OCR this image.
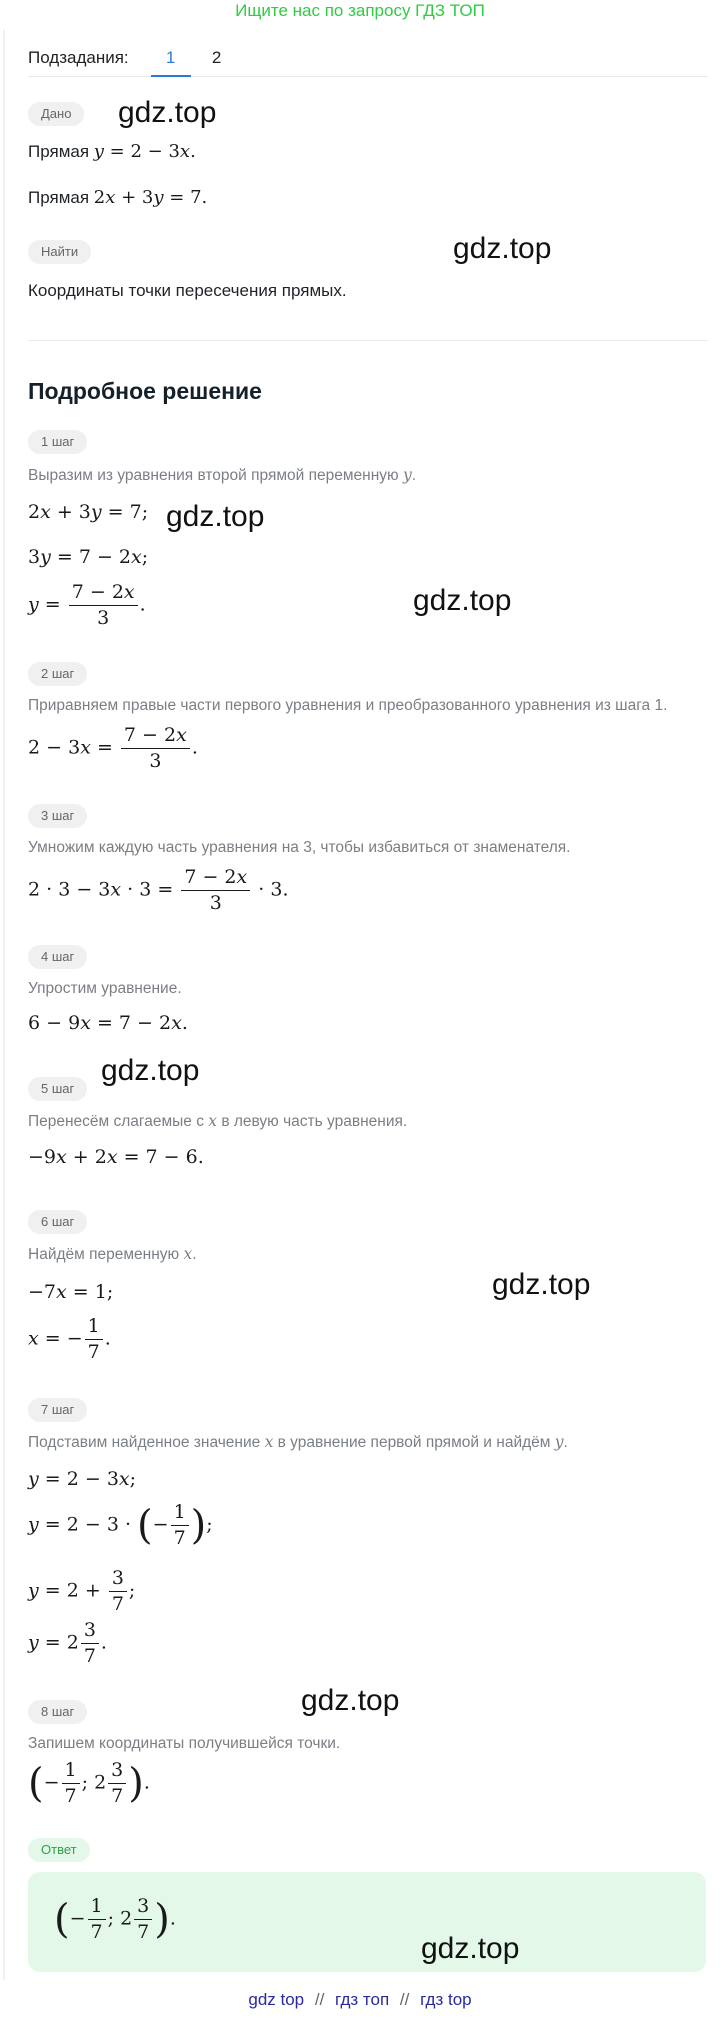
Ищите нас по запросу ГДЗ ТОП
Подзадания:	1	2
Дано	gdz.top
Прямая y = 2 − 3x.
Прямая 2x + 3y = 7.
Найти	gdz.top
Координаты точки пересечения прямых.
Подробное решение
1 шаг
Выразим из уравнения второй прямой переменную y.
2x + 3y = 7; gdz.top
3y = 7 − 2x;
$y = \frac{7 - 2x}{3}$ .	gdz.top
2 шаг
Приравняем правые части первого уравнения и преобразованного уравнения из шага 1.
$2 - 3x = \frac{7 - 2x}{3}$ .
3 шаг
Умножим каждую часть уравнения на 3, чтобы избавиться от знаменателя.
$2 \cdot 3 - 3x \cdot 3 = \frac{7 - 2x}{3} \cdot 3$.
4 шаг
Упростим уравнение.
6 − 9x = 7 − 2x.
gdz.top
5 шаг
Перенесём слагаемые с x в левую часть уравнения.
−9x + 2x = 7 − 6.
6 шаг
Найдём переменную x.
gdz.top
−7x = 1;
x = − $\frac{1}{7}$ .
7 шаг
Подставим найденное значение x в уравнение первой прямой и найдём y.
y = 2 − 3x;
y = 2 − 3 · (− $\frac{1}{7}$ );
$y = 2 + \frac{3}{7}$ ;
$y = 2 \frac{3}{7}$ .
gdz.top
8 шаг
Запишем координаты получившейся точки.
(− $\frac{1}{7}$ ; $2 \frac{3}{7}$ ).
Ответ
(− $\frac{1}{7}$ ; $2 \frac{3}{7}$ ).
gdz.top
gdz top // гдз топ // гдз top
